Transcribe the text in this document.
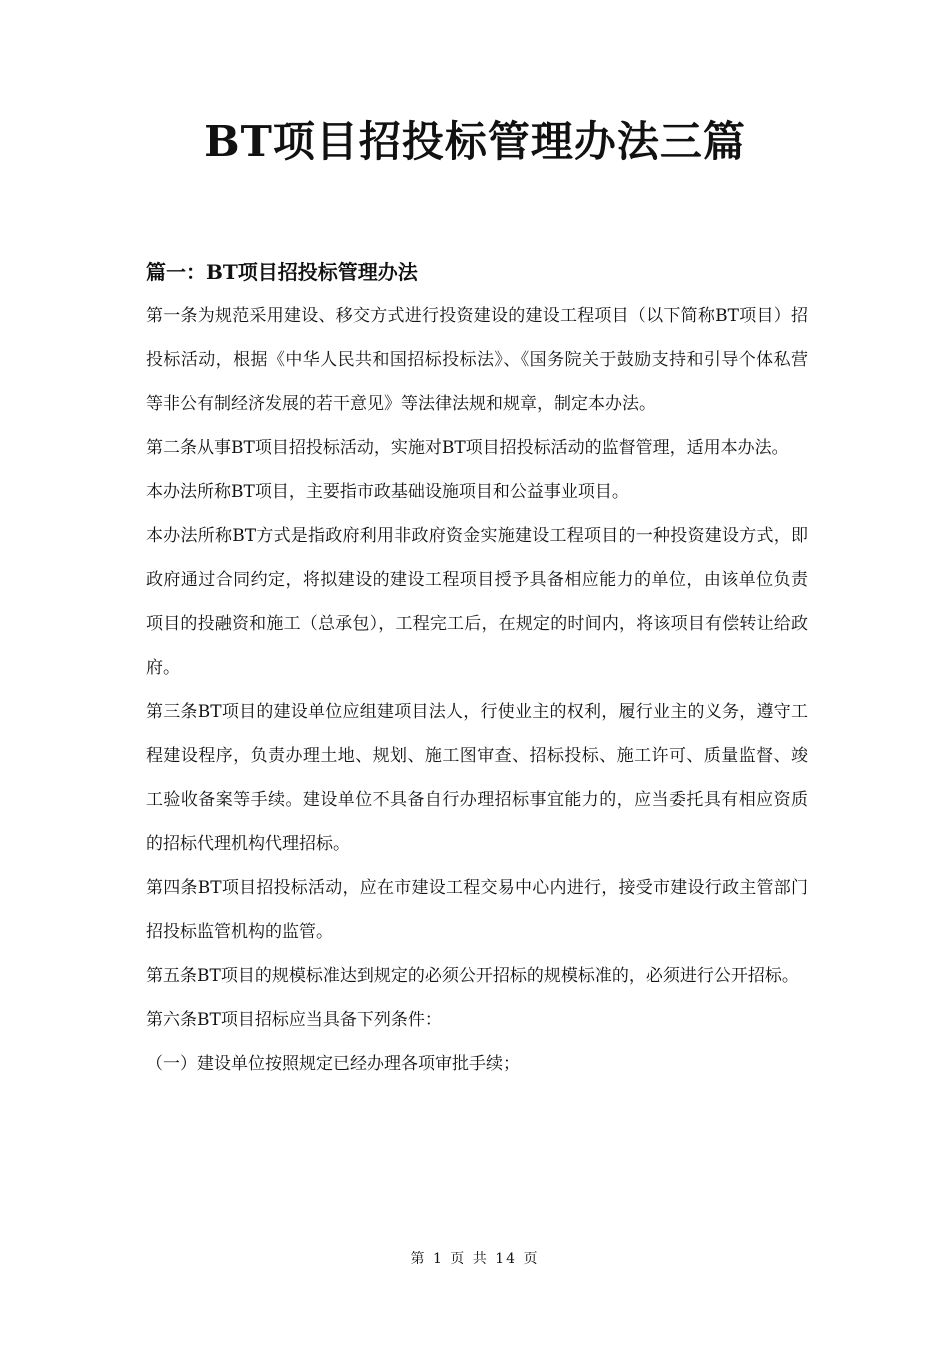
BT项目招投标管理办法三篇
篇一：BT项目招投标管理办法

第一条为规范采用建设、移交方式进行投资建设的建设工程项目（以下简称BT项目）招投标活动，根据《中华人民共和国招标投标法》、《国务院关于鼓励支持和引导个体私营等非公有制经济发展的若干意见》等法律法规和规章，制定本办法。

第二条从事BT项目招投标活动，实施对BT项目招投标活动的监督管理，适用本办法。

本办法所称BT项目，主要指市政基础设施项目和公益事业项目。

本办法所称BT方式是指政府利用非政府资金实施建设工程项目的一种投资建设方式，即政府通过合同约定，将拟建设的建设工程项目授予具备相应能力的单位，由该单位负责项目的投融资和施工（总承包），工程完工后，在规定的时间内，将该项目有偿转让给政府。

第三条BT项目的建设单位应组建项目法人，行使业主的权利，履行业主的义务，遵守工程建设程序，负责办理土地、规划、施工图审查、招标投标、施工许可、质量监督、竣工验收备案等手续。建设单位不具备自行办理招标事宜能力的，应当委托具有相应资质的招标代理机构代理招标。

第四条BT项目招投标活动，应在市建设工程交易中心内进行，接受市建设行政主管部门招投标监管机构的监管。

第五条BT项目的规模标准达到规定的必须公开招标的规模标准的，必须进行公开招标。

第六条BT项目招标应当具备下列条件：

（一）建设单位按照规定已经办理各项审批手续；

第 1 页 共 14 页
